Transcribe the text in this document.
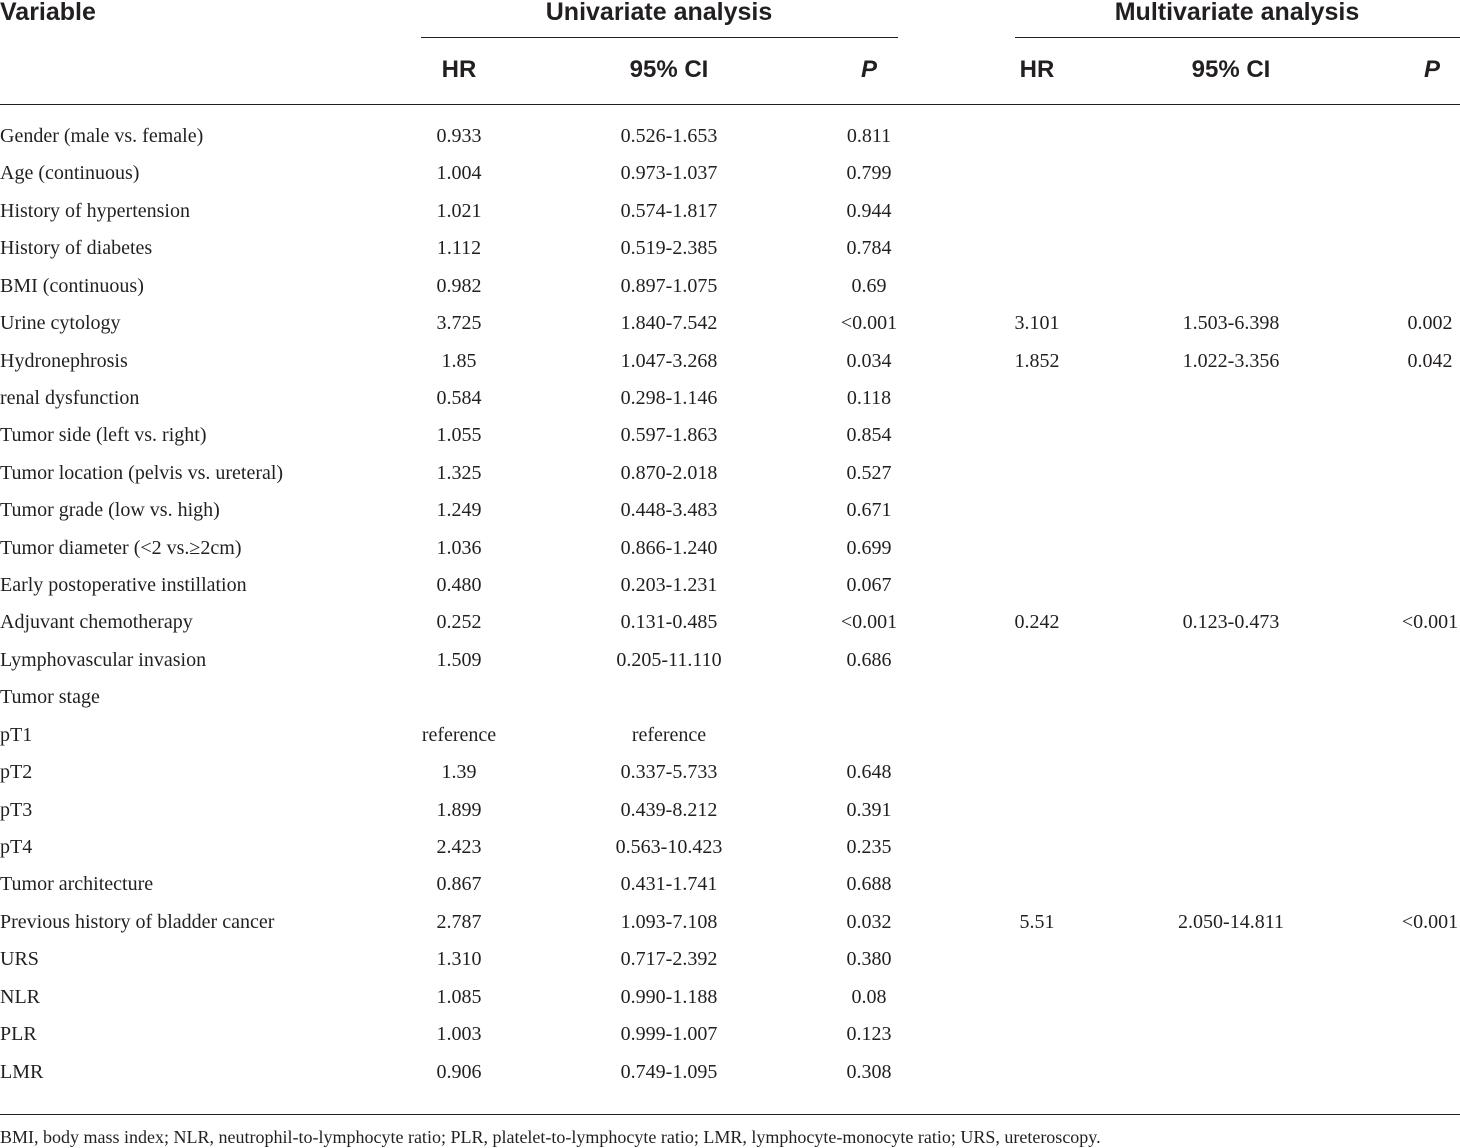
Variable	Univariate analysis	Multivariate analysis
HR	95% CI	P	HR	95% CI	P
Gender (male vs. female)	0.933	0.526-1.653	0.811
Age (continuous)	1.004	0.973-1.037	0.799
History of hypertension	1.021	0.574-1.817	0.944
History of diabetes	1.112	0.519-2.385	0.784
BMI (continuous)	0.982	0.897-1.075	0.69
Urine cytology	3.725	1.840-7.542	<0.001	3.101	1.503-6.398	0.002
Hydronephrosis	1.85	1.047-3.268	0.034	1.852	1.022-3.356	0.042
renal dysfunction	0.584	0.298-1.146	0.118
Tumor side (left vs. right)	1.055	0.597-1.863	0.854
Tumor location (pelvis vs. ureteral)	1.325	0.870-2.018	0.527
Tumor grade (low vs. high)	1.249	0.448-3.483	0.671
Tumor diameter (<2 vs.≥2cm)	1.036	0.866-1.240	0.699
Early postoperative instillation	0.480	0.203-1.231	0.067
Adjuvant chemotherapy	0.252	0.131-0.485	<0.001	0.242	0.123-0.473	<0.001
Lymphovascular invasion	1.509	0.205-11.110	0.686
Tumor stage
pT1	reference	reference
pT2	1.39	0.337-5.733	0.648
pT3	1.899	0.439-8.212	0.391
pT4	2.423	0.563-10.423	0.235
Tumor architecture	0.867	0.431-1.741	0.688
Previous history of bladder cancer	2.787	1.093-7.108	0.032	5.51	2.050-14.811	<0.001
URS	1.310	0.717-2.392	0.380
NLR	1.085	0.990-1.188	0.08
PLR	1.003	0.999-1.007	0.123
LMR	0.906	0.749-1.095	0.308
BMI, body mass index; NLR, neutrophil-to-lymphocyte ratio; PLR, platelet-to-lymphocyte ratio; LMR, lymphocyte-monocyte ratio; URS, ureteroscopy.
